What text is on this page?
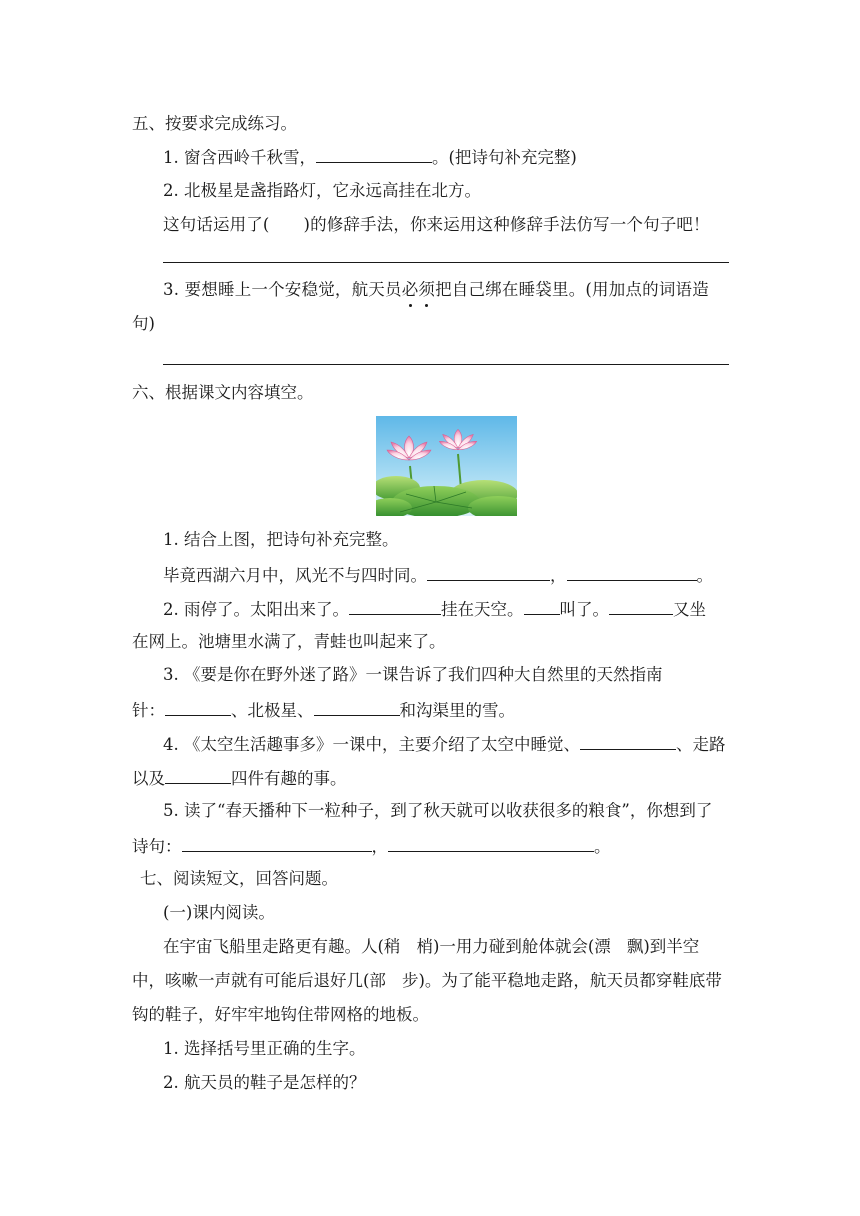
五、按要求完成练习。
1. 窗含西岭千秋雪，	。(把诗句补充完整)
2. 北极星是盏指路灯，它永远高挂在北方。
这句话运用了( )的修辞手法，你来运用这种修辞手法仿写一个句子吧！
3. 要想睡上一个安稳觉，航天员必须把自己绑在睡袋里。(用加点的词语造
句)
六、根据课文内容填空。
1. 结合上图，把诗句补充完整。
毕竟西湖六月中，风光不与四时同。	，	。
2. 雨停了。太阳出来了。	挂在天空。 叫了。	又坐
在网上。池塘里水满了，青蛙也叫起来了。
3. 《要是你在野外迷了路》一课告诉了我们四种大自然里的天然指南
针：	、北极星、	和沟渠里的雪。
4. 《太空生活趣事多》一课中，主要介绍了太空中睡觉、	、走路
以及	四件有趣的事。
5. 读了“春天播种下一粒种子，到了秋天就可以收获很多的粮食”，你想到了
诗句：	，	。
七、阅读短文，回答问题。
(一)课内阅读。
在宇宙飞船里走路更有趣。人(稍 梢)一用力碰到舱体就会(漂 飘)到半空
中，咳嗽一声就有可能后退好几(部 步)。为了能平稳地走路，航天员都穿鞋底带
钩的鞋子，好牢牢地钩住带网格的地板。
1. 选择括号里正确的生字。
2. 航天员的鞋子是怎样的？
